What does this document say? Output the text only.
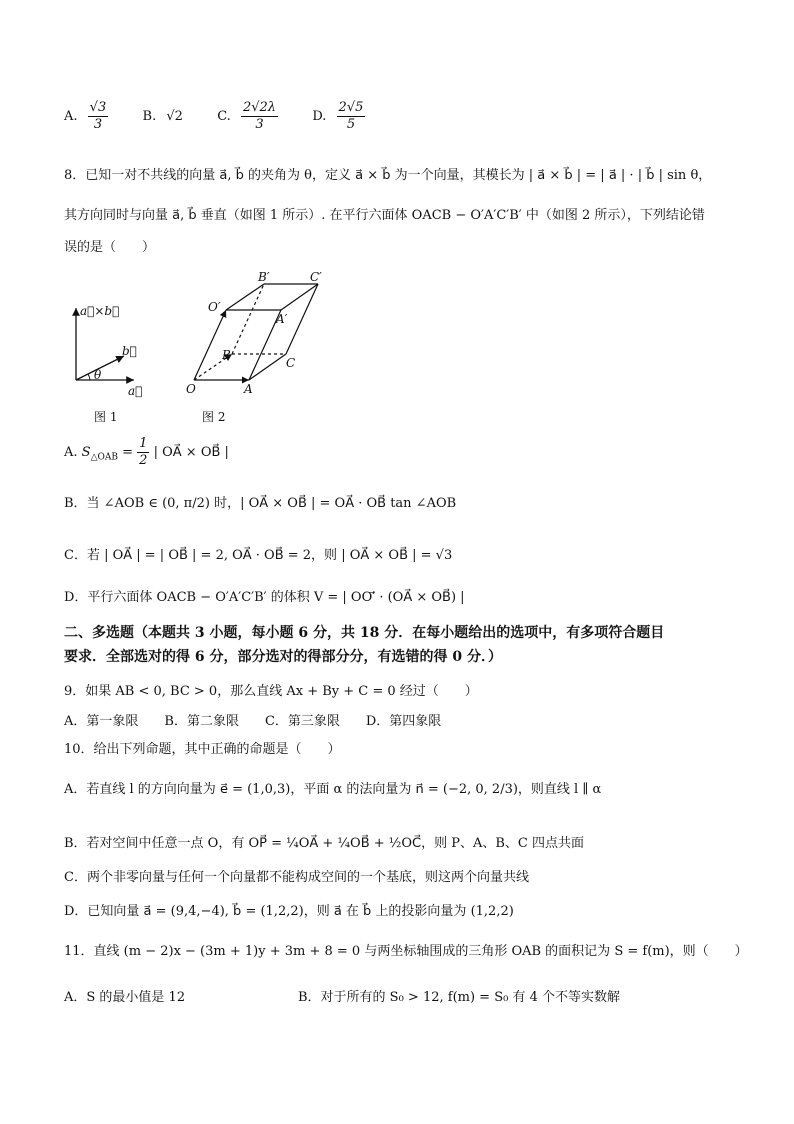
A. $\frac{√3}{3}$	B. √2	C. $\frac{2√2\lambda}{3}$	D. $\frac{2√5}{5}$
8．已知一对不共线的向量 a⃗, b⃗ 的夹角为 θ，定义 a⃗ × b⃗ 为一个向量，其模长为 | a⃗ × b⃗ | = | a⃗ | · | b⃗ | sin θ，
其方向同时与向量 a⃗, b⃗ 垂直（如图 1 所示）. 在平行六面体 OACB − O′A′C′B′ 中（如图 2 所示），下列结论错
误的是（　　）
a⃗×b⃗
b⃗
a⃗
θ
图 1
O	A
B
C
O′
A′
B′	C′
图 2
A. $S_{\triangle OAB} = \frac{1}{2}$ | OA⃗ × OB⃗ |
B．当 ∠AOB ∈ (0, π/2) 时，| OA⃗ × OB⃗ | = OA⃗ · OB⃗ tan ∠AOB
C．若 | OA⃗ | = | OB⃗ | = 2, OA⃗ · OB⃗ = 2，则 | OA⃗ × OB⃗ | = √3
D．平行六面体 OACB − O′A′C′B′ 的体积 V = | OO′⃗ · (OA⃗ × OB⃗) |
二、多选题（本题共 3 小题，每小题 6 分，共 18 分．在每小题给出的选项中，有多项符合题目
要求．全部选对的得 6 分，部分选对的得部分分，有选错的得 0 分．）
9．如果 AB < 0, BC > 0，那么直线 Ax + By + C = 0 经过（　　）
A．第一象限　　B．第二象限　　C．第三象限　　D．第四象限
10．给出下列命题，其中正确的命题是（　　）
A．若直线 l 的方向向量为 e⃗ = (1,0,3)，平面 α 的法向量为 n⃗ = (−2, 0, 2/3)，则直线 l ∥ α
B．若对空间中任意一点 O，有 OP⃗ = ¼OA⃗ + ¼OB⃗ + ½OC⃗，则 P、A、B、C 四点共面
C．两个非零向量与任何一个向量都不能构成空间的一个基底，则这两个向量共线
D．已知向量 a⃗ = (9,4,−4), b⃗ = (1,2,2)，则 a⃗ 在 b⃗ 上的投影向量为 (1,2,2)
11．直线 (m − 2)x − (3m + 1)y + 3m + 8 = 0 与两坐标轴围成的三角形 OAB 的面积记为 S = f(m)，则（　　）
A．S 的最小值是 12	B．对于所有的 S₀ > 12, f(m) = S₀ 有 4 个不等实数解
